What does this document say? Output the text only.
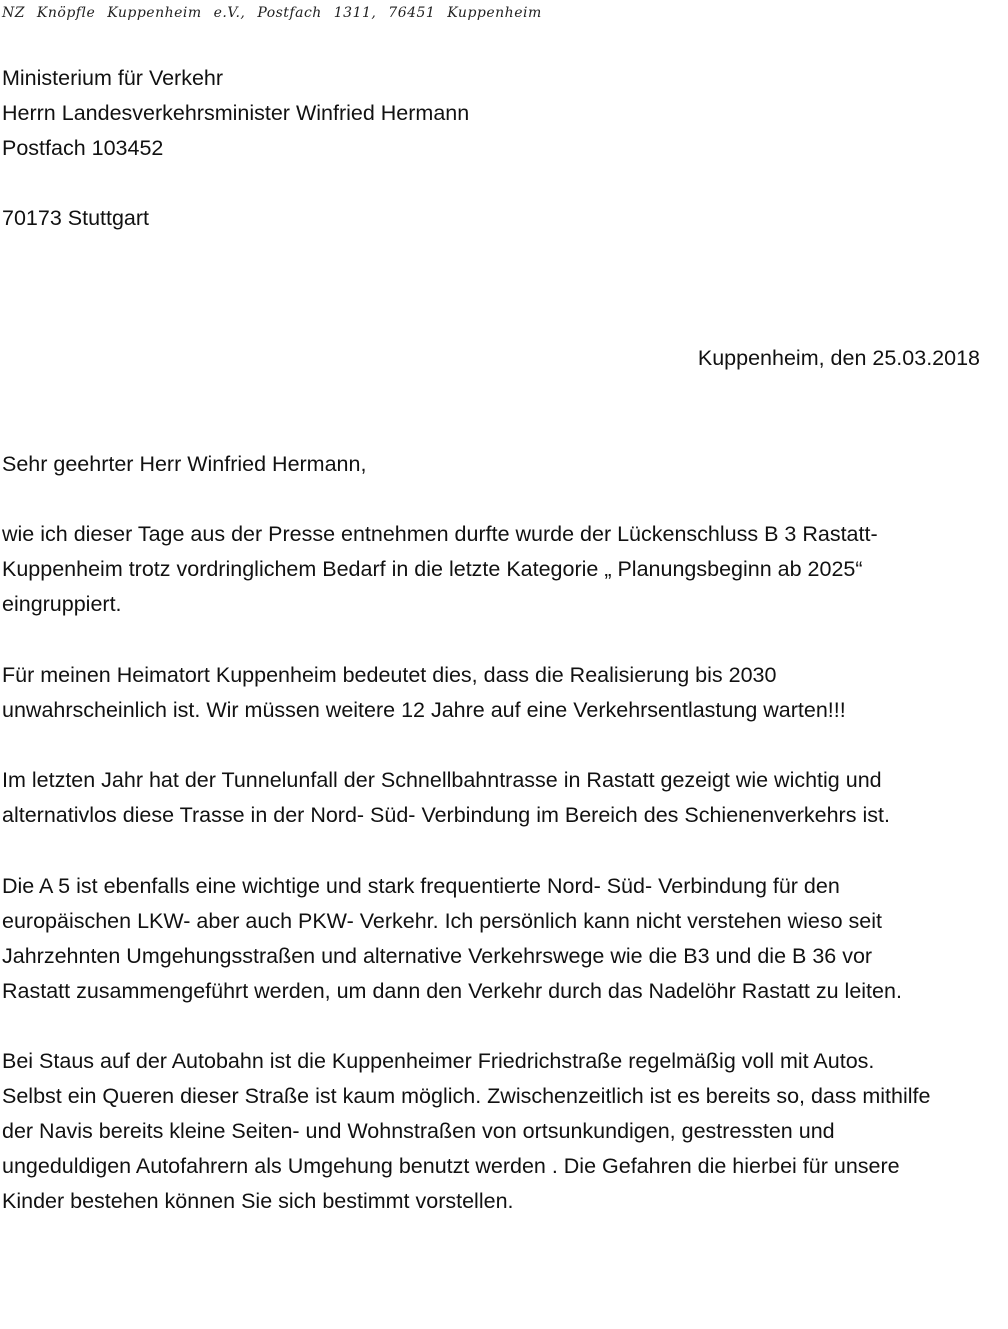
NZ Knöpfle Kuppenheim e.V., Postfach 1311, 76451 Kuppenheim
Ministerium für Verkehr
Herrn Landesverkehrsminister Winfried Hermann
Postfach 103452
70173 Stuttgart
Kuppenheim, den 25.03.2018
Sehr geehrter Herr Winfried Hermann,
wie ich dieser Tage aus der Presse entnehmen durfte wurde der Lückenschluss B 3 Rastatt-
Kuppenheim trotz vordringlichem Bedarf in die letzte Kategorie „ Planungsbeginn ab 2025“
eingruppiert.
Für meinen Heimatort Kuppenheim bedeutet dies, dass die Realisierung bis 2030
unwahrscheinlich ist. Wir müssen weitere 12 Jahre auf eine Verkehrsentlastung warten!!!
Im letzten Jahr hat der Tunnelunfall der Schnellbahntrasse in Rastatt gezeigt wie wichtig und
alternativlos diese Trasse in der Nord- Süd- Verbindung im Bereich des Schienenverkehrs ist.
Die A 5 ist ebenfalls eine wichtige und stark frequentierte Nord- Süd- Verbindung für den
europäischen LKW- aber auch PKW- Verkehr. Ich persönlich kann nicht verstehen wieso seit
Jahrzehnten Umgehungsstraßen und alternative Verkehrswege wie die B3 und die B 36 vor
Rastatt zusammengeführt werden, um dann den Verkehr durch das Nadelöhr Rastatt zu leiten.
Bei Staus auf der Autobahn ist die Kuppenheimer Friedrichstraße regelmäßig voll mit Autos.
Selbst ein Queren dieser Straße ist kaum möglich. Zwischenzeitlich ist es bereits so, dass mithilfe
der Navis bereits kleine Seiten- und Wohnstraßen von ortsunkundigen, gestressten und
ungeduldigen Autofahrern als Umgehung benutzt werden . Die Gefahren die hierbei für unsere
Kinder bestehen können Sie sich bestimmt vorstellen.
